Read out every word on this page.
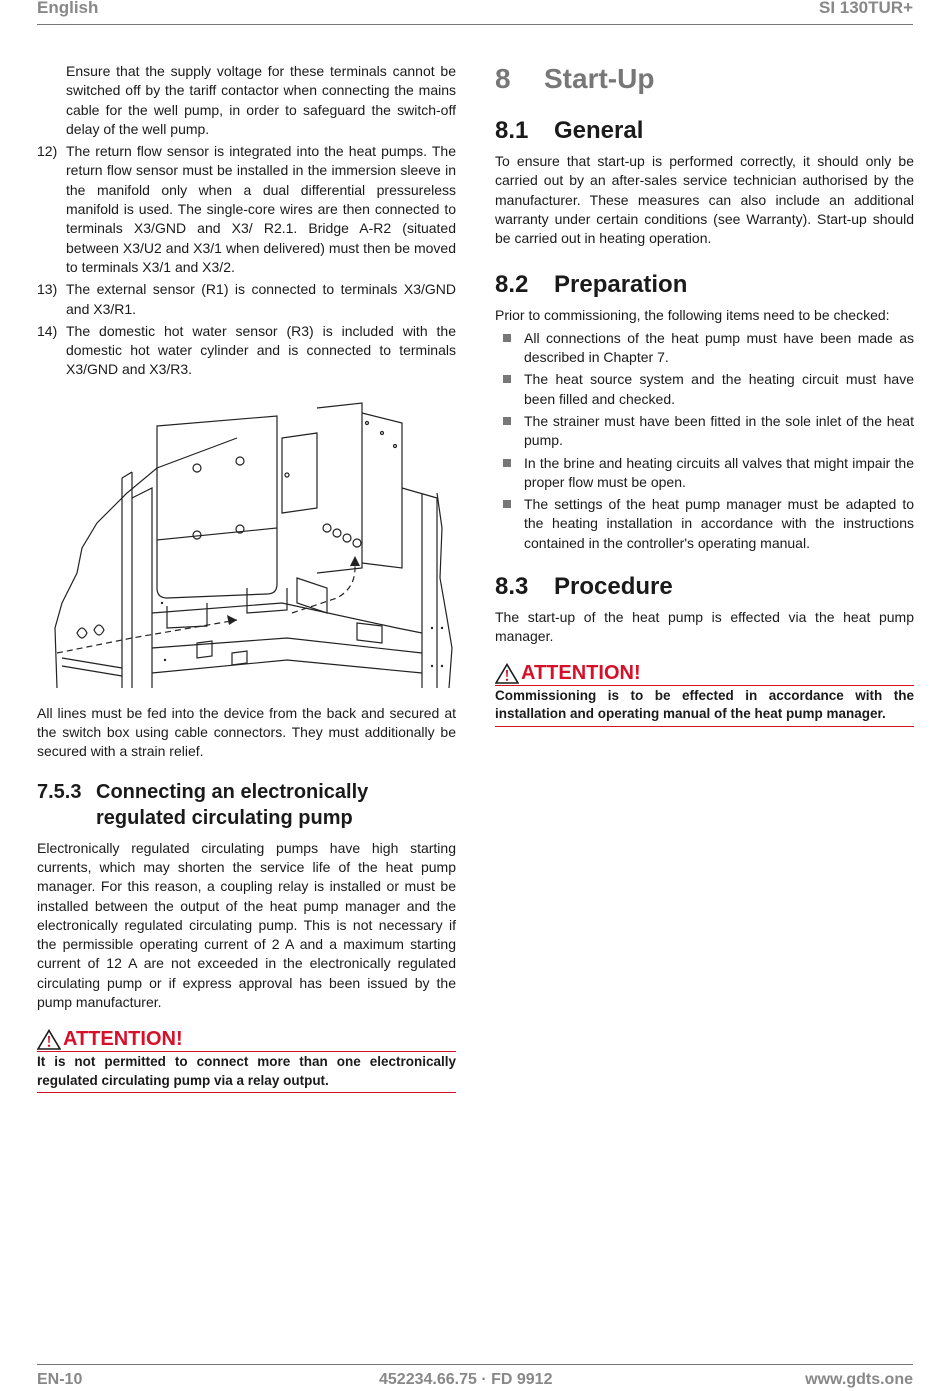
English	SI 130TUR+

Ensure that the supply voltage for these terminals cannot be switched off by the tariff contactor when connecting the mains cable for the well pump, in order to safeguard the switch-off delay of the well pump.

12) The return flow sensor is integrated into the heat pumps. The return flow sensor must be installed in the immersion sleeve in the manifold only when a dual differential pressureless manifold is used. The single-core wires are then connected to terminals X3/GND and X3/ R2.1. Bridge A-R2 (situated between X3/U2 and X3/1 when delivered) must then be moved to terminals X3/1 and X3/2.
13) The external sensor (R1) is connected to terminals X3/GND and X3/R1.
14) The domestic hot water sensor (R3) is included with the domestic hot water cylinder and is connected to terminals X3/GND and X3/R3.

All lines must be fed into the device from the back and secured at the switch box using cable connectors. They must additionally be secured with a strain relief.

7.5.3 Connecting an electronically regulated circulating pump

Electronically regulated circulating pumps have high starting currents, which may shorten the service life of the heat pump manager. For this reason, a coupling relay is installed or must be installed between the output of the heat pump manager and the electronically regulated circulating pump. This is not necessary if the permissible operating current of 2 A and a maximum starting current of 12 A are not exceeded in the electronically regulated circulating pump or if express approval has been issued by the pump manufacturer.

ATTENTION!
It is not permitted to connect more than one electronically regulated circulating pump via a relay output.
8	Start-Up
8.1	General

To ensure that start-up is performed correctly, it should only be carried out by an after-sales service technician authorised by the manufacturer. These measures can also include an additional warranty under certain conditions (see Warranty). Start-up should be carried out in heating operation.

8.2	Preparation

Prior to commissioning, the following items need to be checked:

All connections of the heat pump must have been made as described in Chapter 7.
The heat source system and the heating circuit must have been filled and checked.
The strainer must have been fitted in the sole inlet of the heat pump.
In the brine and heating circuits all valves that might impair the proper flow must be open.
The settings of the heat pump manager must be adapted to the heating installation in accordance with the instructions contained in the controller's operating manual.
8.3	Procedure

The start-up of the heat pump is effected via the heat pump manager.

ATTENTION!
Commissioning is to be effected in accordance with the installation and operating manual of the heat pump manager.
EN-10	452234.66.75 · FD 9912	www.gdts.one
